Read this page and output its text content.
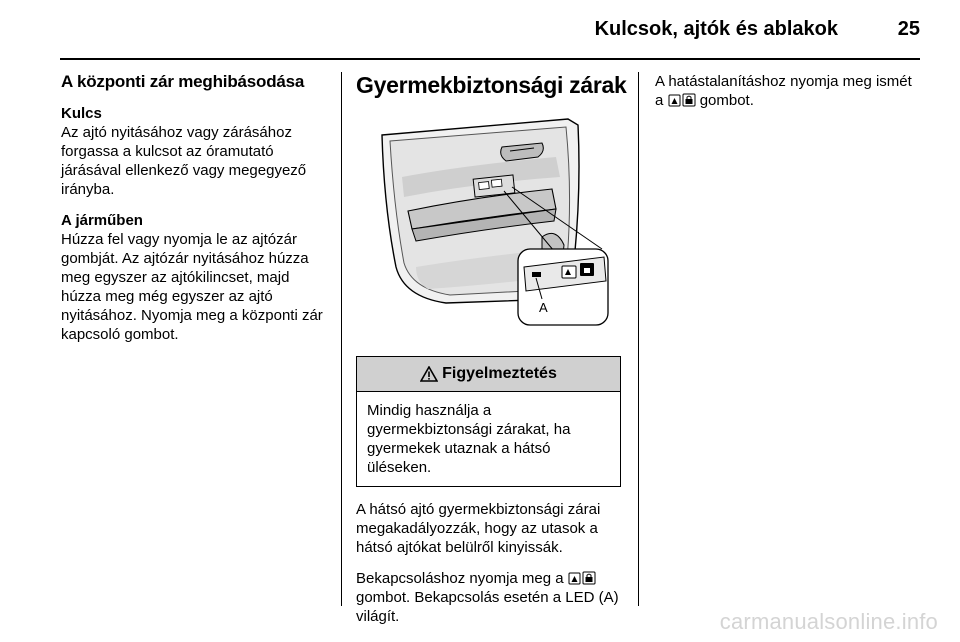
Kulcsok, ajtók és ablakok	25
A központi zár meghibásodása
Kulcs

Az ajtó nyitásához vagy zárásához forgassa a kulcsot az óramutató járásával ellenkező vagy megegyező irányba.

A járműben

Húzza fel vagy nyomja le az ajtózár gombját. Az ajtózár nyitásához húzza meg egyszer az ajtókilincset, majd húzza meg még egyszer az ajtó nyitásához. Nyomja meg a központi zár kapcsoló gombot.

Gyermekbiztonsági zárak
A
Figyelmeztetés
Mindig használja a gyermekbiztonsági zárakat, ha gyermekek utaznak a hátsó üléseken.

A hátsó ajtó gyermekbiztonsági zárai megakadályozzák, hogy az utasok a hátsó ajtókat belülről kinyissák.

Bekapcsoláshoz nyomja meg a  gombot. Bekapcsolás esetén a LED (A) világít.

A hatástalanításhoz nyomja meg ismét a gombot.

carmanualsonline.info
